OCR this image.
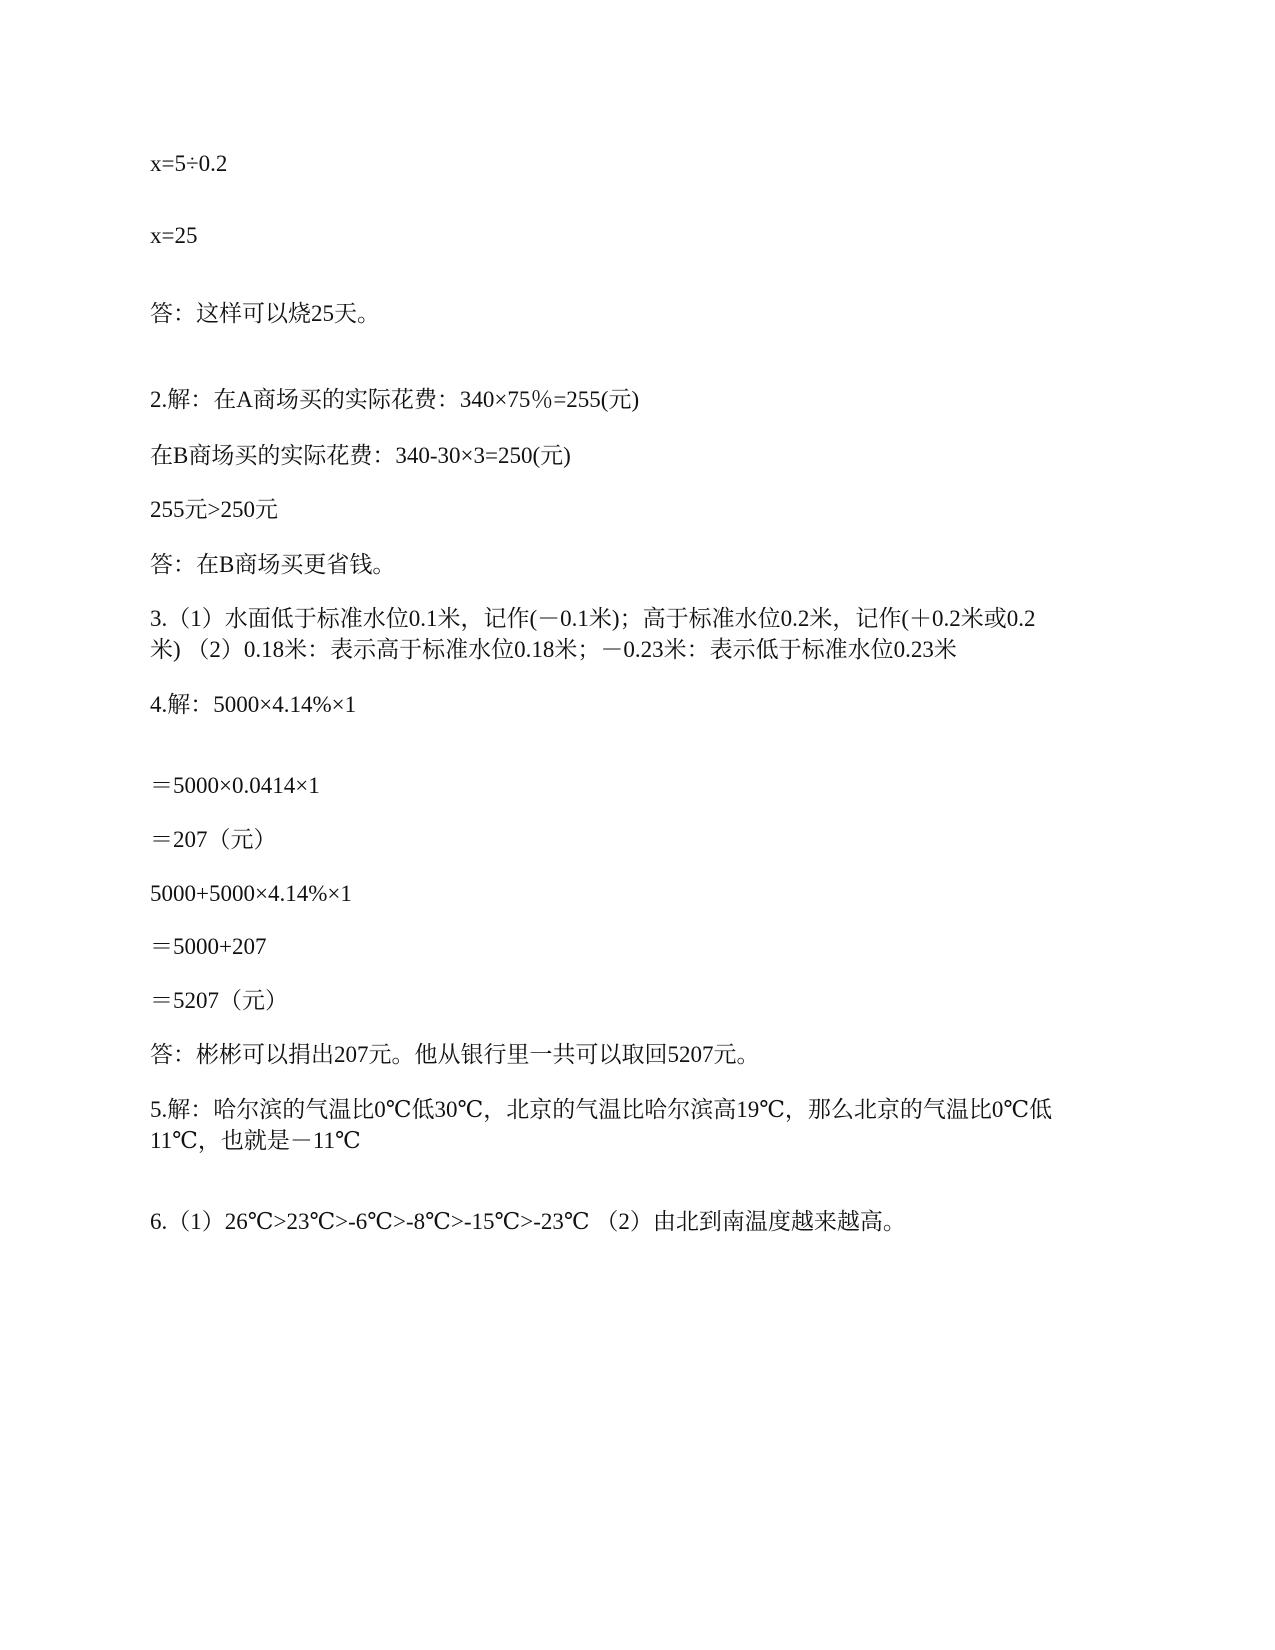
x=5÷0.2
x=25
答：这样可以烧25天。
2.解：在A商场买的实际花费：340×75％=255(元)
在B商场买的实际花费：340-30×3=250(元)
255元>250元
答：在B商场买更省钱。
3.（1）水面低于标准水位0.1米，记作(－0.1米)；高于标准水位0.2米，记作(＋0.2米或0.2
米) （2）0.18米：表示高于标准水位0.18米；－0.23米：表示低于标准水位0.23米
4.解：5000×4.14%×1
＝5000×0.0414×1
＝207（元）
5000+5000×4.14%×1
＝5000+207
＝5207（元）
答：彬彬可以捐出207元。他从银行里一共可以取回5207元。
5.解：哈尔滨的气温比0℃低30℃，北京的气温比哈尔滨高19℃，那么北京的气温比0℃低
11℃，也就是－11℃
6.（1）26℃>23℃>-6℃>-8℃>-15℃>-23℃ （2）由北到南温度越来越高。
